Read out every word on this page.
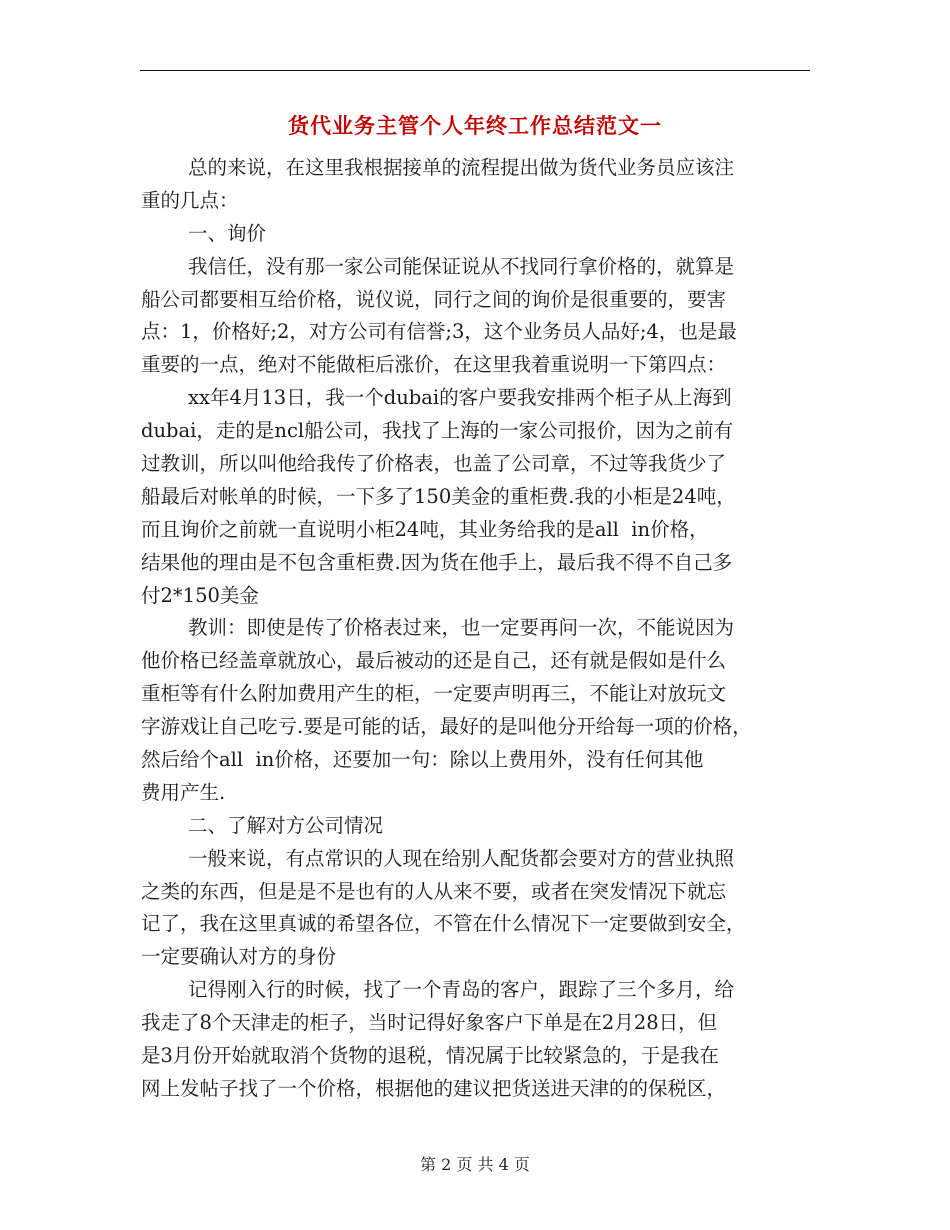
货代业务主管个人年终工作总结范文一
总的来说，在这里我根据接单的流程提出做为货代业务员应该注
重的几点：
一、询价
我信任，没有那一家公司能保证说从不找同行拿价格的，就算是
船公司都要相互给价格，说仪说，同行之间的询价是很重要的，要害
点：1，价格好;2，对方公司有信誉;3，这个业务员人品好;4，也是最
重要的一点，绝对不能做柜后涨价，在这里我着重说明一下第四点：
xx年4月13日，我一个dubai的客户要我安排两个柜子从上海到
dubai，走的是ncl船公司，我找了上海的一家公司报价，因为之前有
过教训，所以叫他给我传了价格表，也盖了公司章，不过等我货少了
船最后对帐单的时候，一下多了150美金的重柜费.我的小柜是24吨，
而且询价之前就一直说明小柜24吨，其业务给我的是all  in价格，
结果他的理由是不包含重柜费.因为货在他手上，最后我不得不自己多
付2*150美金
教训：即使是传了价格表过来，也一定要再问一次，不能说因为
他价格已经盖章就放心，最后被动的还是自己，还有就是假如是什么
重柜等有什么附加费用产生的柜，一定要声明再三，不能让对放玩文
字游戏让自己吃亏.要是可能的话，最好的是叫他分开给每一项的价格，
然后给个all  in价格，还要加一句：除以上费用外，没有任何其他
费用产生.
二、了解对方公司情况
一般来说，有点常识的人现在给别人配货都会要对方的营业执照
之类的东西，但是是不是也有的人从来不要，或者在突发情况下就忘
记了，我在这里真诚的希望各位，不管在什么情况下一定要做到安全，
一定要确认对方的身份
记得刚入行的时候，找了一个青岛的客户，跟踪了三个多月，给
我走了8个天津走的柜子，当时记得好象客户下单是在2月28日，但
是3月份开始就取消个货物的退税，情况属于比较紧急的，于是我在
网上发帖子找了一个价格，根据他的建议把货送进天津的的保税区，
第 2 页 共 4 页
